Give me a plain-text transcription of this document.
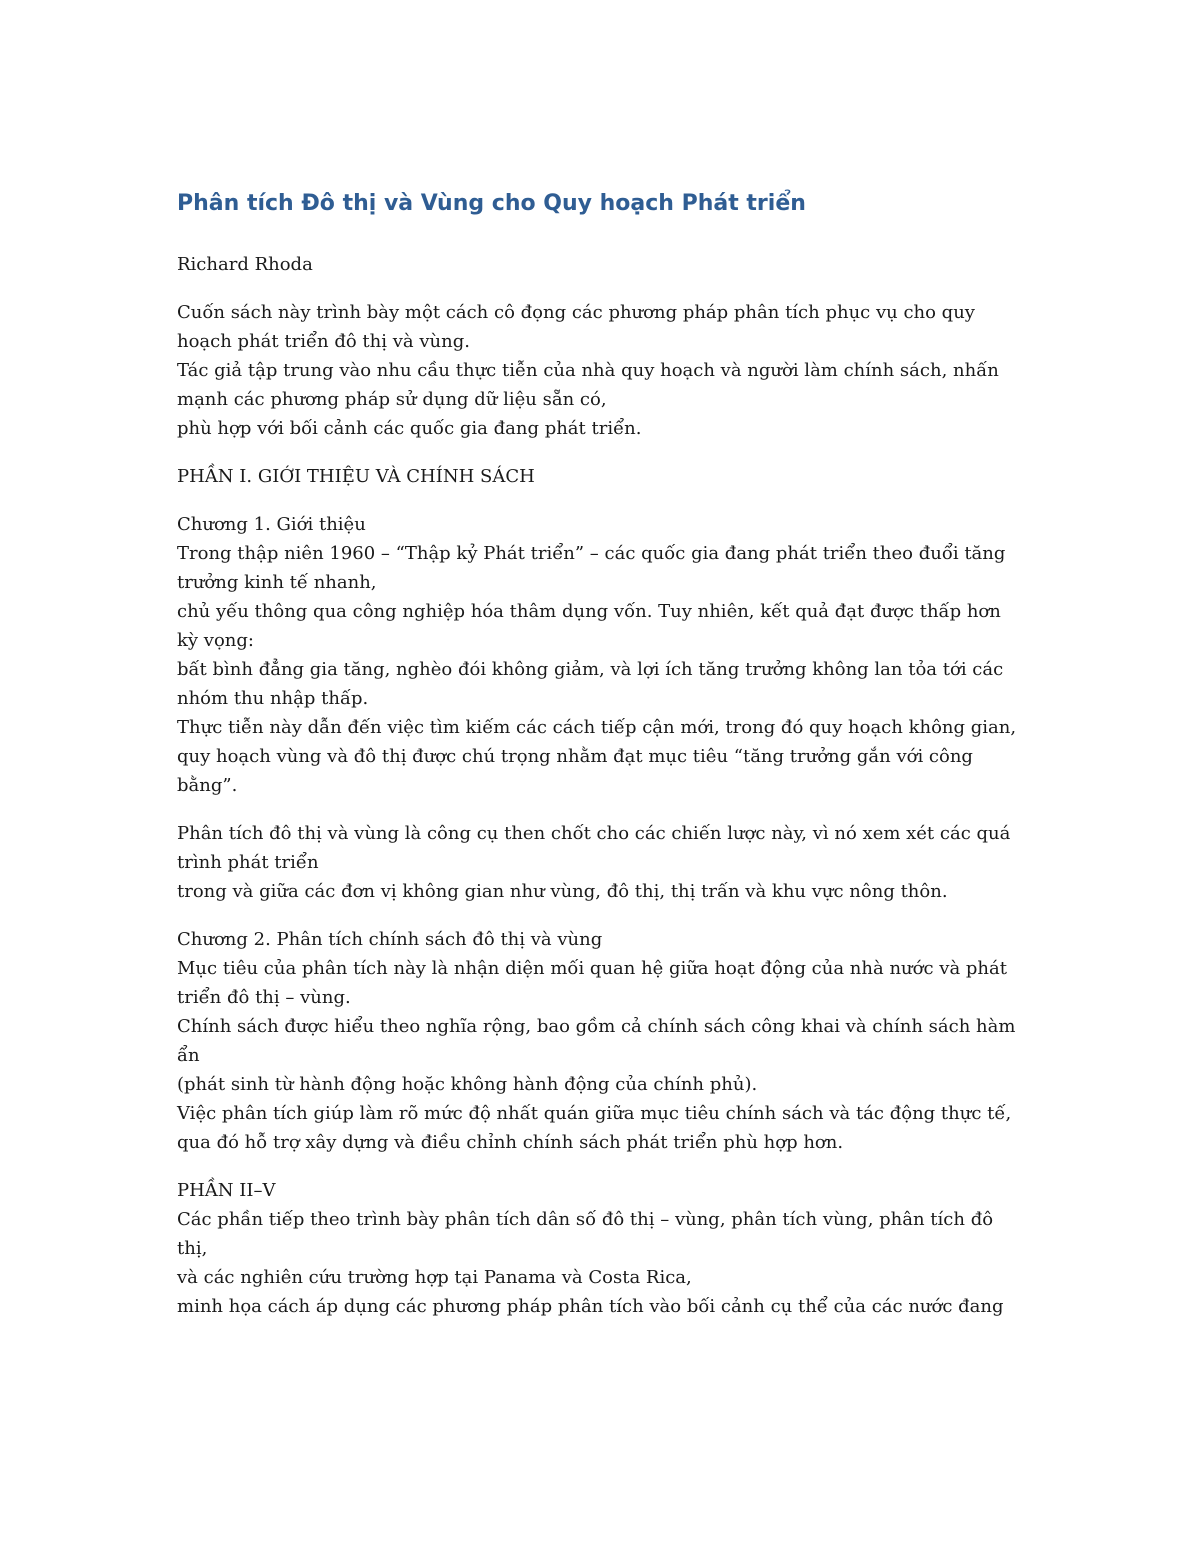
Phân tích Đô thị và Vùng cho Quy hoạch Phát triển
Richard Rhoda
Cuốn sách này trình bày một cách cô đọng các phương pháp phân tích phục vụ cho quy hoạch phát triển đô thị và vùng.
Tác giả tập trung vào nhu cầu thực tiễn của nhà quy hoạch và người làm chính sách, nhấn mạnh các phương pháp sử dụng dữ liệu sẵn có,
phù hợp với bối cảnh các quốc gia đang phát triển.
PHẦN I. GIỚI THIỆU VÀ CHÍNH SÁCH
Chương 1. Giới thiệu
Trong thập niên 1960 – “Thập kỷ Phát triển” – các quốc gia đang phát triển theo đuổi tăng trưởng kinh tế nhanh,
chủ yếu thông qua công nghiệp hóa thâm dụng vốn. Tuy nhiên, kết quả đạt được thấp hơn kỳ vọng:
bất bình đẳng gia tăng, nghèo đói không giảm, và lợi ích tăng trưởng không lan tỏa tới các nhóm thu nhập thấp.
Thực tiễn này dẫn đến việc tìm kiếm các cách tiếp cận mới, trong đó quy hoạch không gian,
quy hoạch vùng và đô thị được chú trọng nhằm đạt mục tiêu “tăng trưởng gắn với công bằng”.
Phân tích đô thị và vùng là công cụ then chốt cho các chiến lược này, vì nó xem xét các quá trình phát triển
trong và giữa các đơn vị không gian như vùng, đô thị, thị trấn và khu vực nông thôn.
Chương 2. Phân tích chính sách đô thị và vùng
Mục tiêu của phân tích này là nhận diện mối quan hệ giữa hoạt động của nhà nước và phát triển đô thị – vùng.
Chính sách được hiểu theo nghĩa rộng, bao gồm cả chính sách công khai và chính sách hàm ẩn
(phát sinh từ hành động hoặc không hành động của chính phủ).
Việc phân tích giúp làm rõ mức độ nhất quán giữa mục tiêu chính sách và tác động thực tế,
qua đó hỗ trợ xây dựng và điều chỉnh chính sách phát triển phù hợp hơn.
PHẦN II–V
Các phần tiếp theo trình bày phân tích dân số đô thị – vùng, phân tích vùng, phân tích đô thị,
và các nghiên cứu trường hợp tại Panama và Costa Rica,
minh họa cách áp dụng các phương pháp phân tích vào bối cảnh cụ thể của các nước đang
